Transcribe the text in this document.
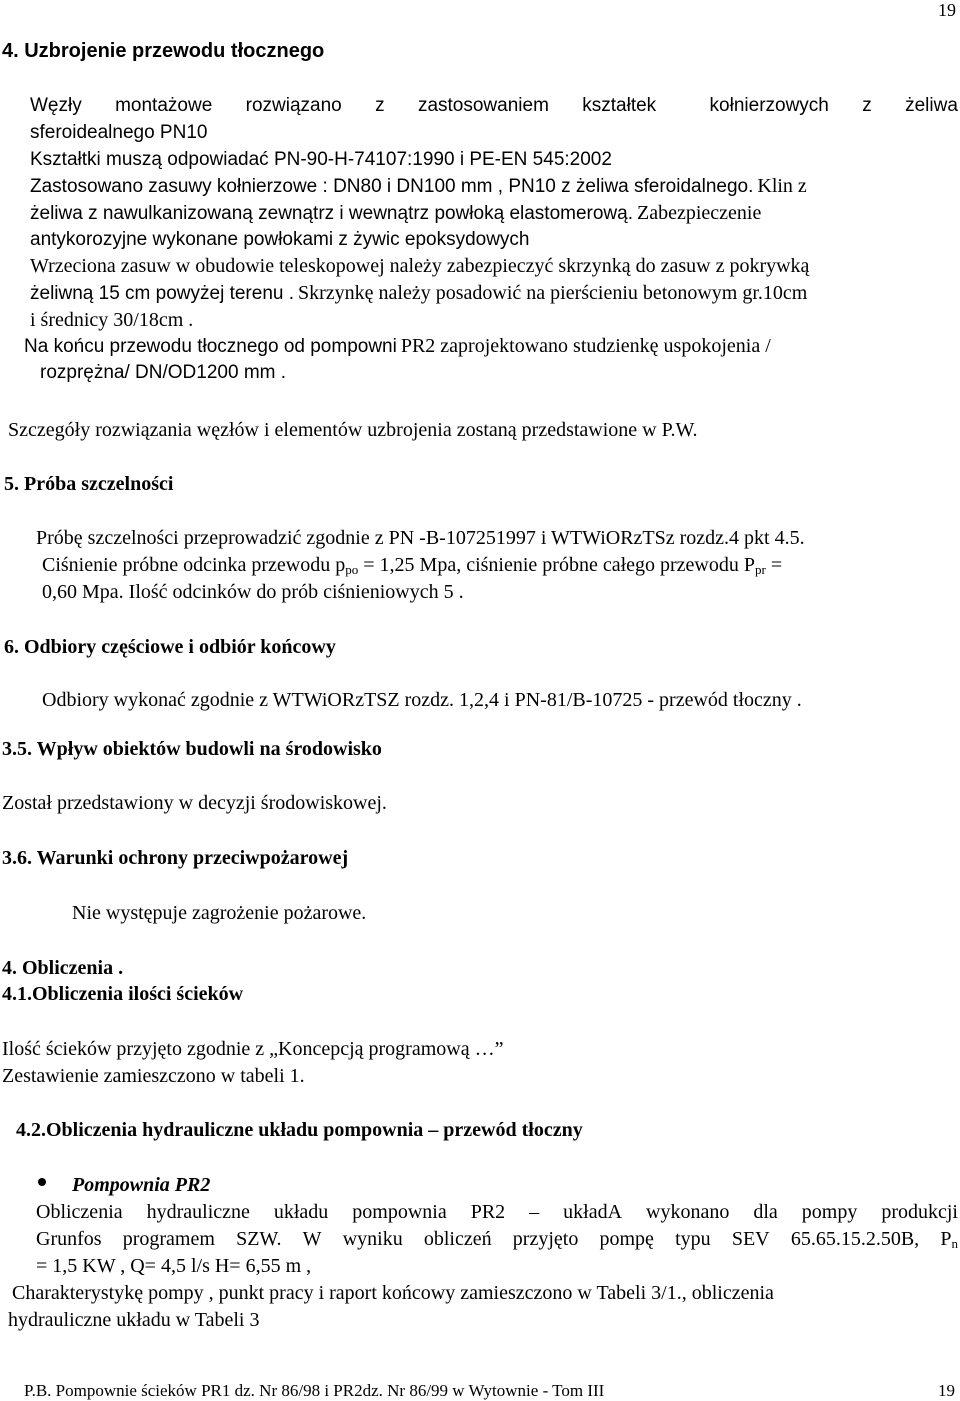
19
4. Uzbrojenie przewodu tłocznego
Węzły montażowe rozwiązano z zastosowaniem kształtek	kołnierzowych z żeliwa
sferoidealnego PN10
Kształtki muszą odpowiadać PN-90-H-74107:1990 i PE-EN 545:2002
Zastosowano zasuwy kołnierzowe : DN80 i DN100 mm , PN10 z żeliwa sferoidalnego. Klin z
żeliwa z nawulkanizowaną zewnątrz i wewnątrz powłoką elastomerową. Zabezpieczenie
antykorozyjne wykonane powłokami z żywic epoksydowych
Wrzeciona zasuw w obudowie teleskopowej należy zabezpieczyć skrzynką do zasuw z pokrywką
żeliwną 15 cm powyżej terenu . Skrzynkę należy posadowić na pierścieniu betonowym gr.10cm
i średnicy 30/18cm .
Na końcu przewodu tłocznego od pompowni PR2 zaprojektowano studzienkę uspokojenia /
rozprężna/ DN/OD1200 mm .
Szczegóły rozwiązania węzłów i elementów uzbrojenia zostaną przedstawione w P.W.
5. Próba szczelności
Próbę szczelności przeprowadzić zgodnie z PN -B-107251997 i WTWiORzTSz rozdz.4 pkt 4.5.
Ciśnienie próbne odcinka przewodu $p_{po} = 1,25$ Mpa, ciśnienie próbne całego przewodu $P_{pr}$ =
0,60 Mpa. Ilość odcinków do prób ciśnieniowych 5 .
6. Odbiory częściowe i odbiór końcowy
Odbiory wykonać zgodnie z WTWiORzTSZ rozdz. 1,2,4 i PN-81/B-10725 - przewód tłoczny .
3.5. Wpływ obiektów budowli na środowisko
Został przedstawiony w decyzji środowiskowej.
3.6. Warunki ochrony przeciwpożarowej
Nie występuje zagrożenie pożarowe.
4. Obliczenia .
4.1.Obliczenia ilości ścieków
Ilość ścieków przyjęto zgodnie z „Koncepcją programową …”
Zestawienie zamieszczono w tabeli 1.
4.2.Obliczenia hydrauliczne układu pompownia – przewód tłoczny
Pompownia PR2
Obliczenia hydrauliczne układu pompownia PR2 – układA wykonano dla pompy produkcji
Grunfos programem SZW. W wyniku obliczeń przyjęto pompę typu SEV 65.65.15.2.50B, $P_n$
= 1,5 KW , Q= 4,5 l/s H= 6,55 m ,
Charakterystykę pompy , punkt pracy i raport końcowy zamieszczono w Tabeli 3/1., obliczenia
hydrauliczne układu w Tabeli 3
P.B. Pompownie ścieków PR1 dz. Nr 86/98 i PR2dz. Nr 86/99 w Wytownie - Tom III	19
